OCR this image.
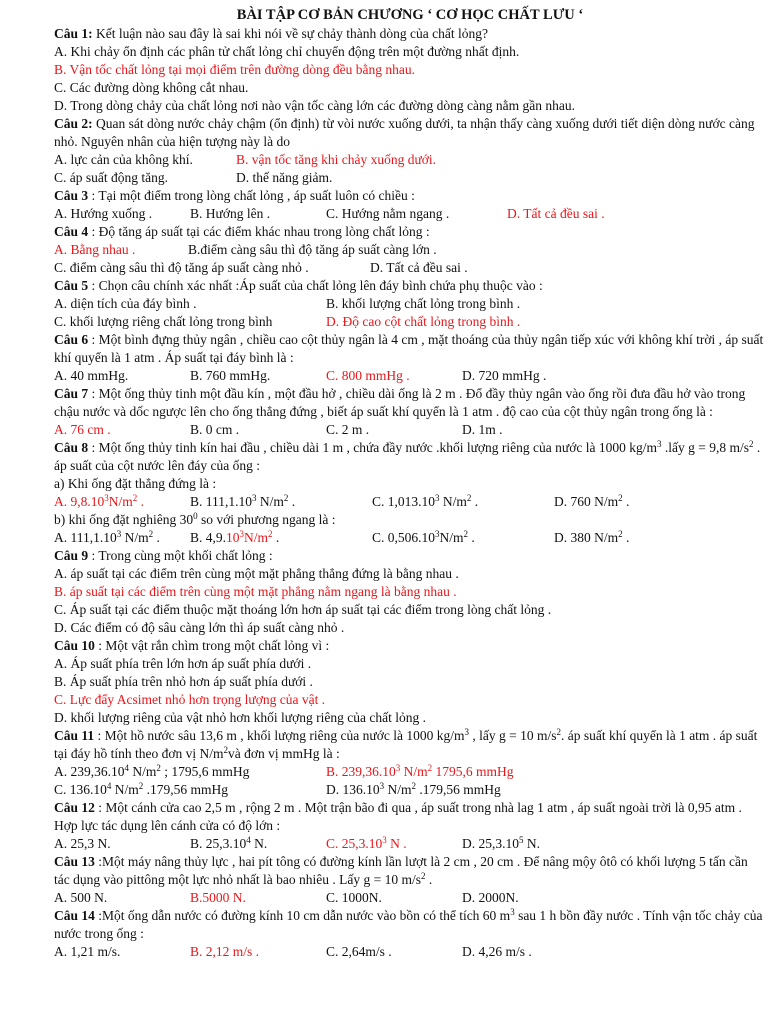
BÀI TẬP CƠ BẢN CHƯƠNG ‘ CƠ HỌC CHẤT LƯU ‘

Câu 1: Kết luận nào sau đây là sai khi nói về sự chảy thành dòng của chất lỏng?

A. Khi chảy ổn định các phân tử chất lỏng chỉ chuyển động trên một đường nhất định.

B. Vận tốc chất lỏng tại mọi điểm trên đường dòng đều bằng nhau.

C. Các đường dòng không cắt nhau.

D. Trong dòng chảy của chất lỏng nơi nào vận tốc càng lớn các đường dòng càng nằm gần nhau.

Câu 2: Quan sát dòng nước chảy chậm (ổn định) từ vòi nước xuống dưới, ta nhận thấy càng xuống dưới tiết diện dòng nước càng nhỏ. Nguyên nhân của hiện tượng này là do

A. lực cản của không khí.	B. vận tốc tăng khi chảy xuống dưới.
C. áp suất động tăng.	D. thế năng giảm.

Câu 3 : Tại một điểm trong lòng chất lỏng , áp suất luôn có chiều :

A. Hướng xuống .	B. Hướng lên .	C. Hướng nằm ngang .	D. Tất cả đều sai .

Câu 4 : Độ tăng áp suất tại các điểm khác nhau trong lòng chất lỏng :

A. Bằng nhau .	B.điểm càng sâu thì độ tăng áp suất càng lớn .
C. điểm càng sâu thì độ tăng áp suất càng nhỏ .	D. Tất cả đều sai .

Câu 5 : Chọn câu chính xác nhất :Áp suất của chất lỏng lên đáy bình chứa phụ thuộc vào :

A. diện tích của đáy bình .	B. khối lượng chất lỏng trong bình .
C. khối lượng riêng chất lỏng trong bình	D. Độ cao cột chất lỏng trong bình .

Câu 6 : Một bình đựng thủy ngân , chiều cao cột thủy ngân là 4 cm , mặt thoáng của thủy ngân tiếp xúc với không khí trời , áp suất khí quyển là 1 atm . Áp suất tại đáy bình là :

A. 40 mmHg.	B. 760 mmHg.	C. 800 mmHg .	D. 720 mmHg .

Câu 7 : Một ống thủy tinh một đầu kín , một đầu hở , chiều dài ống là 2 m . Đổ đầy thủy ngân vào ống rồi đưa đầu hở vào trong chậu nước và dốc ngược lên cho ống thẳng đứng , biết áp suất khí quyển là 1 atm . độ cao của cột thủy ngân trong ống là :

A. 76 cm .	B. 0 cm .	C. 2 m .	D. 1m .

Câu 8 : Một ống thủy tinh kín hai đầu , chiều dài 1 m , chứa đầy nước .khối lượng riêng của nước là 1000 $kg/m^3$ .lấy g = 9,8 $m/s^2$ . áp suất của cột nước lên đáy của ống :

a) Khi ống đặt thẳng đứng là :

A. $9,8.10^3N/m^2$ .	B. 111,1.10$^3$ $N/m^2$ .	C. 1,013.10$^3$ $N/m^2$ .	D. 760 $N/m^2$ .

b) khi ống đặt nghiêng $30^0$ so với phương ngang là :

A. 111,1.10$^3$ $N/m^2$ .	B. $4,9.10^3N/m^2$ .	C. $0,506.10^3N/m^2$ .	D. 380 $N/m^2$ .

Câu 9 : Trong cùng một khối chất lỏng :

A. áp suất tại các điểm trên cùng một mặt phẳng thẳng đứng là bằng nhau .

B. áp suất tại các điểm trên cùng một mặt phẳng nằm ngang là bằng nhau .

C. Áp suất tại các điểm thuộc mặt thoáng lớn hơn áp suất tại các điểm trong lòng chất lỏng .

D. Các điểm có độ sâu càng lớn thì áp suất càng nhỏ .

Câu 10 : Một vật rắn chìm trong một chất lỏng vì :

A. Áp suất phía trên lớn hơn áp suất phía dưới .

B. Áp suất phía trên nhỏ hơn áp suất phía dưới .

C. Lực đẩy Acsimet nhỏ hơn trọng lượng của vật .

D. khối lượng riêng của vật nhỏ hơn khối lượng riêng của chất lỏng .

Câu 11 : Một hồ nước sâu 13,6 m , khối lượng riêng của nước là 1000 $kg/m^3$ , lấy g = 10 $m/s^2$. áp suất khí quyển là 1 atm . áp suất tại đáy hồ tính theo đơn vị $N/m^2và$ đơn vị mmHg là :

A. 239,36.10$^4$ $N/m^2$ ; 1795,6 mmHg	B. 239,36.10$^3$ $N/m^2$ 1795,6 mmHg
C. 136.10$^4$ $N/m^2$ .179,56 mmHg	D. 136.10$^3$ $N/m^2$ .179,56 mmHg

Câu 12 : Một cánh cửa cao 2,5 m , rộng 2 m . Một trận bão đi qua , áp suất trong nhà lag 1 atm , áp suất ngoài trời là 0,95 atm . Hợp lực tác dụng lên cánh cửa có độ lớn :

A. 25,3 N.	B. 25,3.10$^4$ N.	C. 25,3.10$^3$ N .	D. 25,3.10$^5$ N.

Câu 13 :Một máy nâng thủy lực , hai pít tông có đường kính lần lượt là 2 cm , 20 cm . Để nâng mộy ôtô có khối lượng 5 tấn cần tác dụng vào pittông một lực nhỏ nhất là bao nhiêu . Lấy g = 10 $m/s^2$ .

A. 500 N.	B.5000 N.	C. 1000N.	D. 2000N.

Câu 14 :Một ống dẫn nước có đường kính 10 cm dẫn nước vào bồn có thể tích 60 $m^3$ sau 1 h bồn đầy nước . Tính vận tốc chảy của nước trong ống :

A. 1,21 m/s.	B. 2,12 m/s .	C. 2,64m/s .	D. 4,26 m/s .
